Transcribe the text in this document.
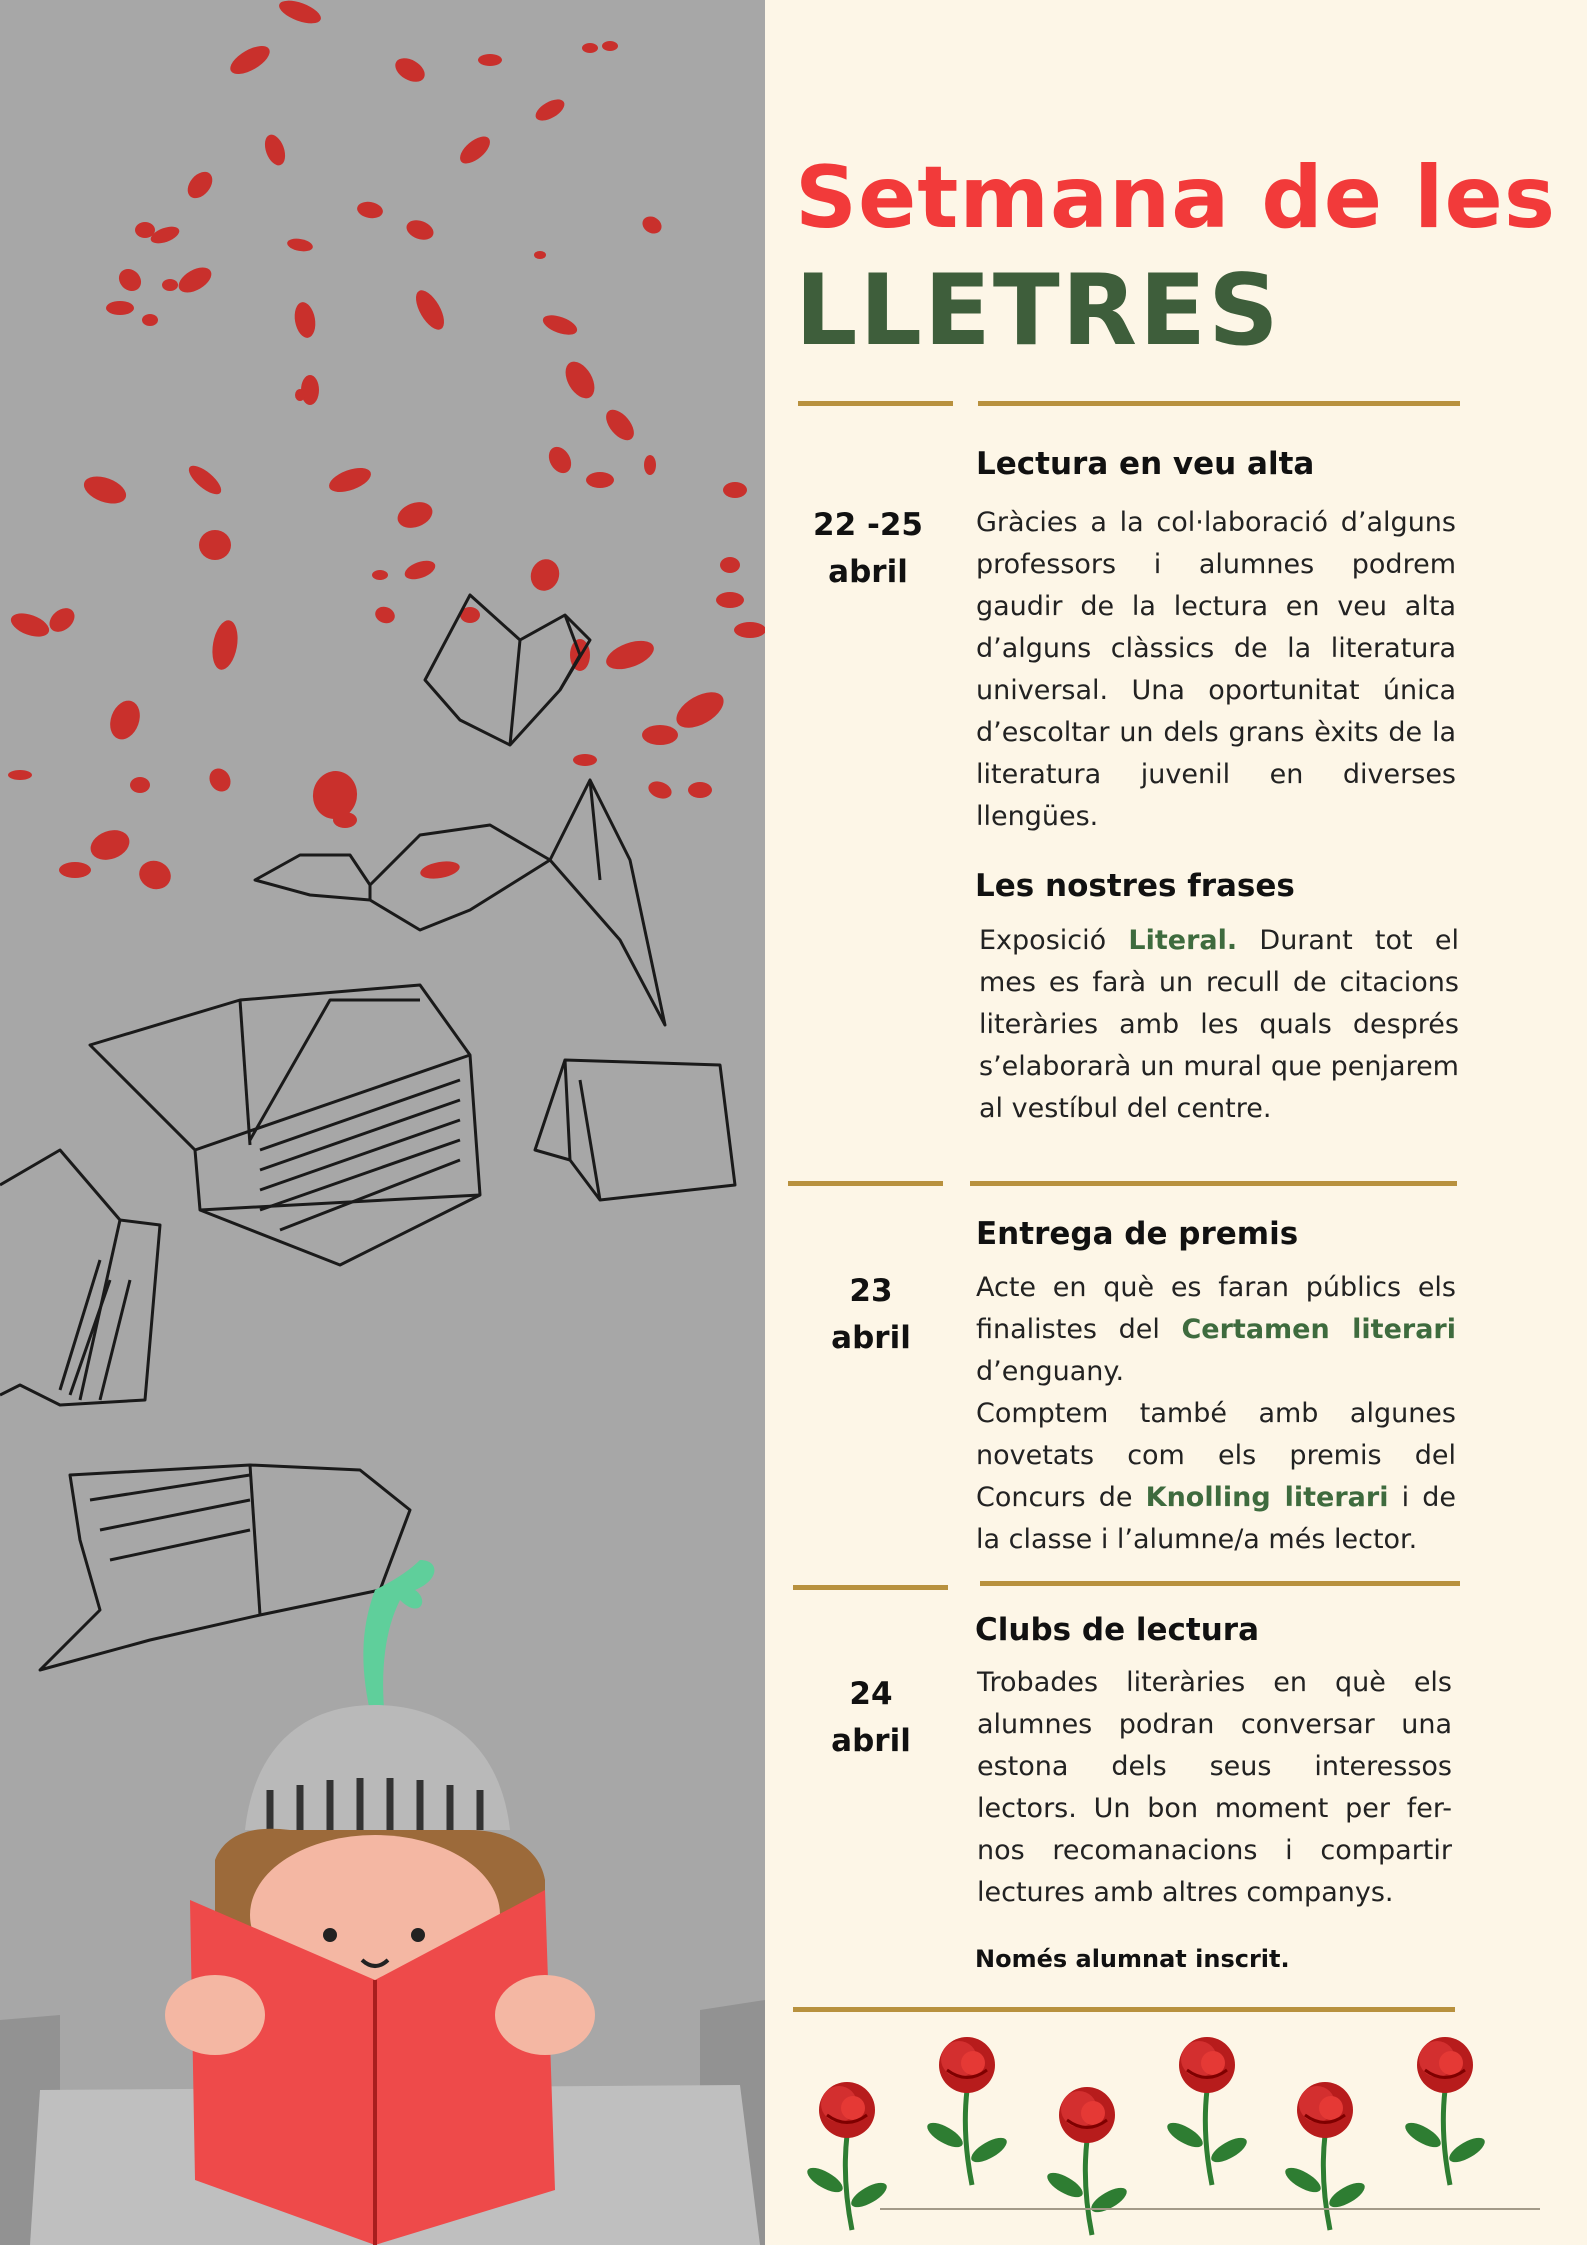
Setmana de les
LLETRES
22 -25
abril
Lectura en veu alta
Gràcies a la col·laboració d’alguns professors i alumnes podrem gaudir de la lectura en veu alta d’alguns clàssics de la literatura universal. Una oportunitat única d’escoltar un dels grans èxits de la literatura juvenil en diverses llengües.
Les nostres frases
Exposició Literal. Durant tot el mes es farà un recull de citacions literàries amb les quals després s’elaborarà un mural que penjarem al vestíbul del centre.
23
abril
Entrega de premis
Acte en què es faran públics els finalistes del Certamen literari d’enguany.
Comptem també amb algunes novetats com els premis del Concurs de Knolling literari i de la classe i l’alumne/a més lector.
24
abril
Clubs de lectura
Trobades literàries en què els alumnes podran conversar una estona dels seus interessos lectors. Un bon moment per fer-nos recomanacions i compartir lectures amb altres companys.
Només alumnat inscrit.
